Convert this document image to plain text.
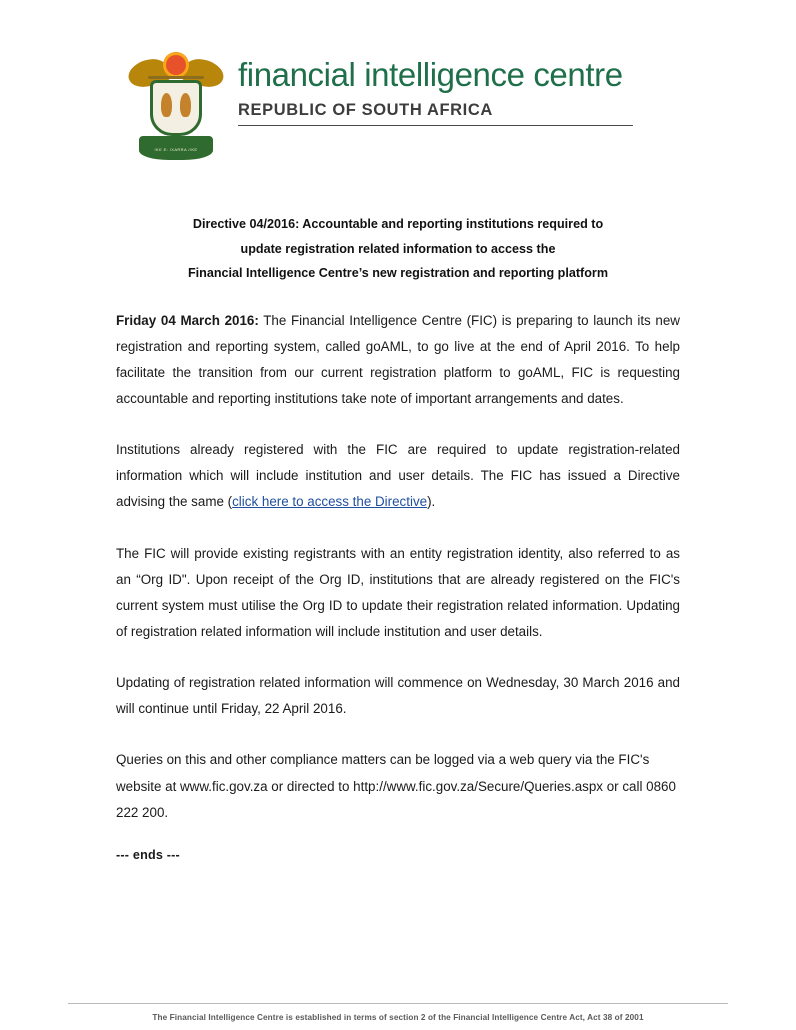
!KE E: /XARRA //KE
financial intelligence centre
REPUBLIC OF SOUTH AFRICA
Directive 04/2016: Accountable and reporting institutions required to
update registration related information to access the
Financial Intelligence Centre’s new registration and reporting platform

Friday 04 March 2016: The Financial Intelligence Centre (FIC) is preparing to launch its new registration and reporting system, called goAML, to go live at the end of April 2016. To help facilitate the transition from our current registration platform to goAML, FIC is requesting accountable and reporting institutions take note of important arrangements and dates.

Institutions already registered with the FIC are required to update registration-related information which will include institution and user details. The FIC has issued a Directive advising the same (click here to access the Directive).

The FIC will provide existing registrants with an entity registration identity, also referred to as an “Org ID". Upon receipt of the Org ID, institutions that are already registered on the FIC's current system must utilise the Org ID to update their registration related information. Updating of registration related information will include institution and user details.

Updating of registration related information will commence on Wednesday, 30 March 2016 and will continue until Friday, 22 April 2016.

Queries on this and other compliance matters can be logged via a web query via the FIC's website at www.fic.gov.za or directed to http://www.fic.gov.za/Secure/Queries.aspx or call 0860 222 200.

--- ends ---
The Financial Intelligence Centre is established in terms of section 2 of the Financial Intelligence Centre Act, Act 38 of 2001
